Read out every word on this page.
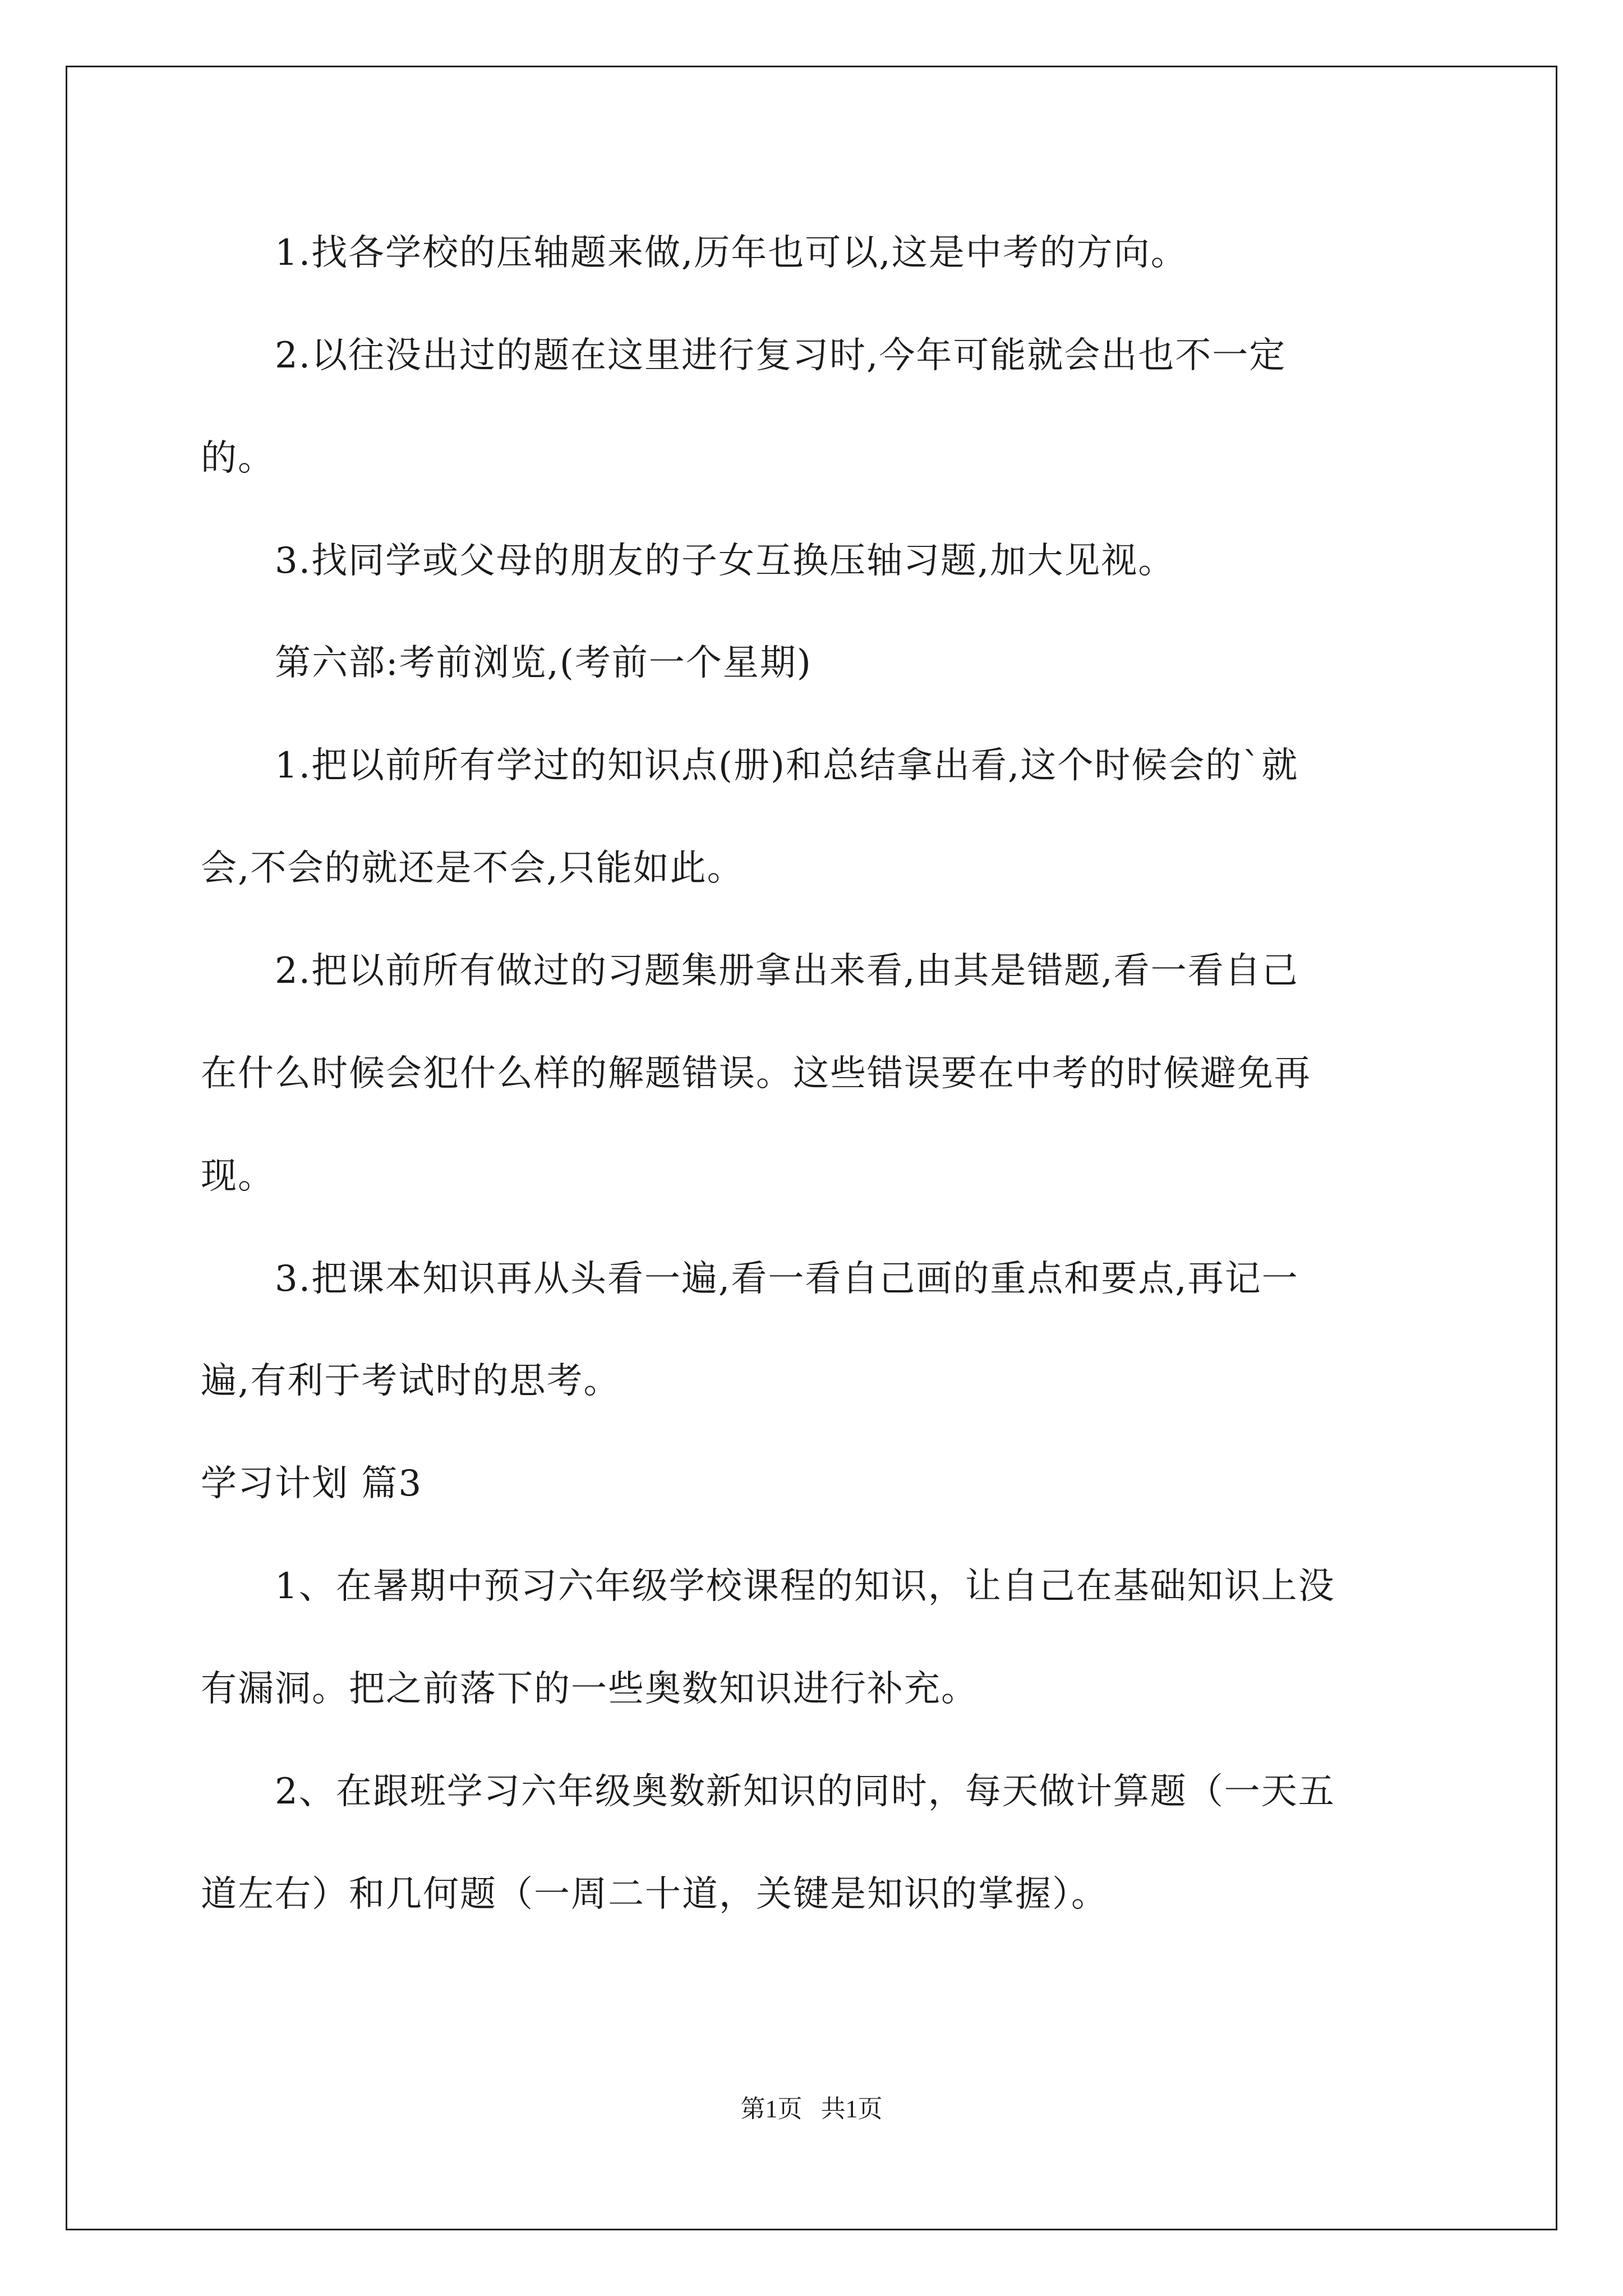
1.找各学校的压轴题来做,历年也可以,这是中考的方向。
2.以往没出过的题在这里进行复习时,今年可能就会出也不一定
的。
3.找同学或父母的朋友的子女互换压轴习题,加大见视。
第六部:考前浏览,(考前一个星期)
1.把以前所有学过的知识点(册)和总结拿出看,这个时候会的`就
会,不会的就还是不会,只能如此。
2.把以前所有做过的习题集册拿出来看,由其是错题,看一看自己
在什么时候会犯什么样的解题错误。这些错误要在中考的时候避免再
现。
3.把课本知识再从头看一遍,看一看自己画的重点和要点,再记一
遍,有利于考试时的思考。
学习计划 篇3
1、在暑期中预习六年级学校课程的知识，让自己在基础知识上没
有漏洞。把之前落下的一些奥数知识进行补充。
2、在跟班学习六年级奥数新知识的同时，每天做计算题（一天五
道左右）和几何题（一周二十道，关键是知识的掌握）。
第1页   共1页
